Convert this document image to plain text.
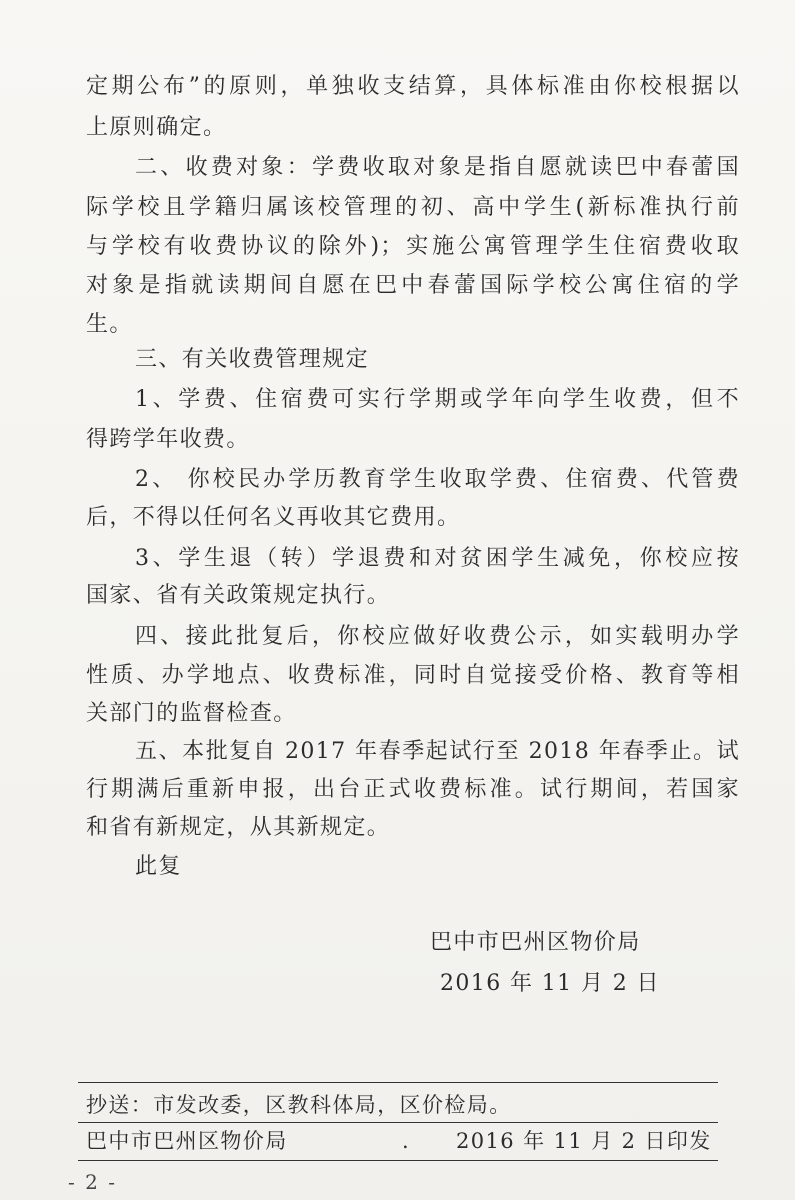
定期公布”的原则，单独收支结算，具体标准由你校根据以
上原则确定。
二、收费对象：学费收取对象是指自愿就读巴中春蕾国
际学校且学籍归属该校管理的初、高中学生(新标准执行前
与学校有收费协议的除外)；实施公寓管理学生住宿费收取
对象是指就读期间自愿在巴中春蕾国际学校公寓住宿的学
生。
三、有关收费管理规定
1、学费、住宿费可实行学期或学年向学生收费，但不
得跨学年收费。
2、 你校民办学历教育学生收取学费、住宿费、代管费
后，不得以任何名义再收其它费用。
3、学生退（转）学退费和对贫困学生减免，你校应按
国家、省有关政策规定执行。
四、接此批复后，你校应做好收费公示，如实载明办学
性质、办学地点、收费标准，同时自觉接受价格、教育等相
关部门的监督检查。
五、本批复自 2017 年春季起试行至 2018 年春季止。试
行期满后重新申报，出台正式收费标准。试行期间，若国家
和省有新规定，从其新规定。
此复
巴中市巴州区物价局
2016 年 11 月 2 日
抄送：市发改委，区教科体局，区价检局。
巴中市巴州区物价局	. 2016 年 11 月 2 日印发
- 2 -
